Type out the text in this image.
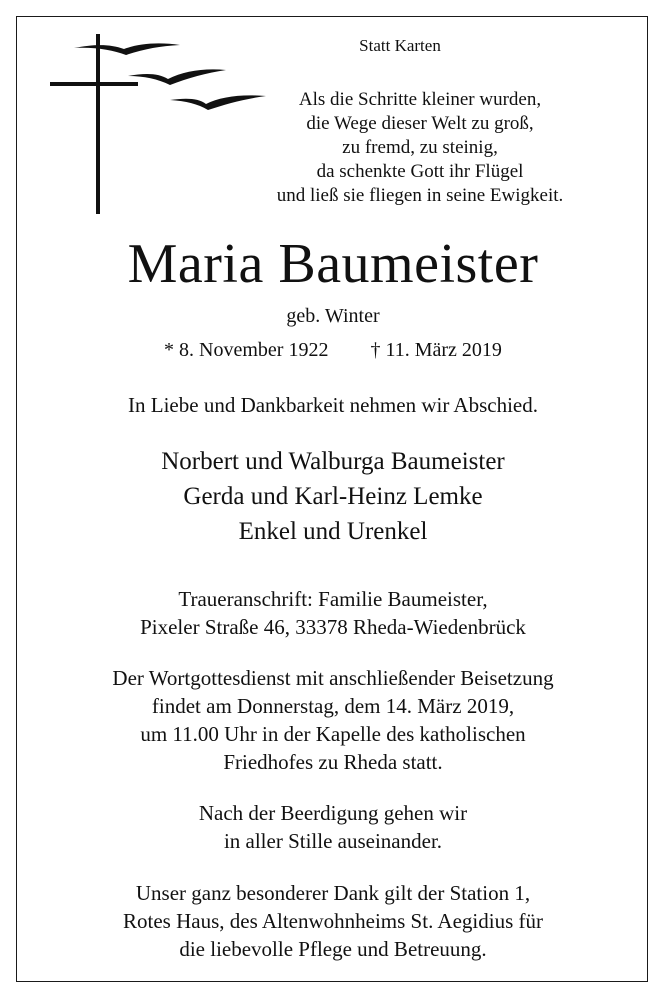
Statt Karten
Als die Schritte kleiner wurden,
die Wege dieser Welt zu groß,
zu fremd, zu steinig,
da schenkte Gott ihr Flügel
und ließ sie fliegen in seine Ewigkeit.
Maria Baumeister
geb. Winter
* 8. November 1922 † 11. März 2019
In Liebe und Dankbarkeit nehmen wir Abschied.
Norbert und Walburga Baumeister
Gerda und Karl-Heinz Lemke
Enkel und Urenkel
Traueranschrift: Familie Baumeister,
Pixeler Straße 46, 33378 Rheda-Wiedenbrück
Der Wortgottesdienst mit anschließender Beisetzung
findet am Donnerstag, dem 14. März 2019,
um 11.00 Uhr in der Kapelle des katholischen
Friedhofes zu Rheda statt.
Nach der Beerdigung gehen wir
in aller Stille auseinander.
Unser ganz besonderer Dank gilt der Station 1,
Rotes Haus, des Altenwohnheims St. Aegidius für
die liebevolle Pflege und Betreuung.
